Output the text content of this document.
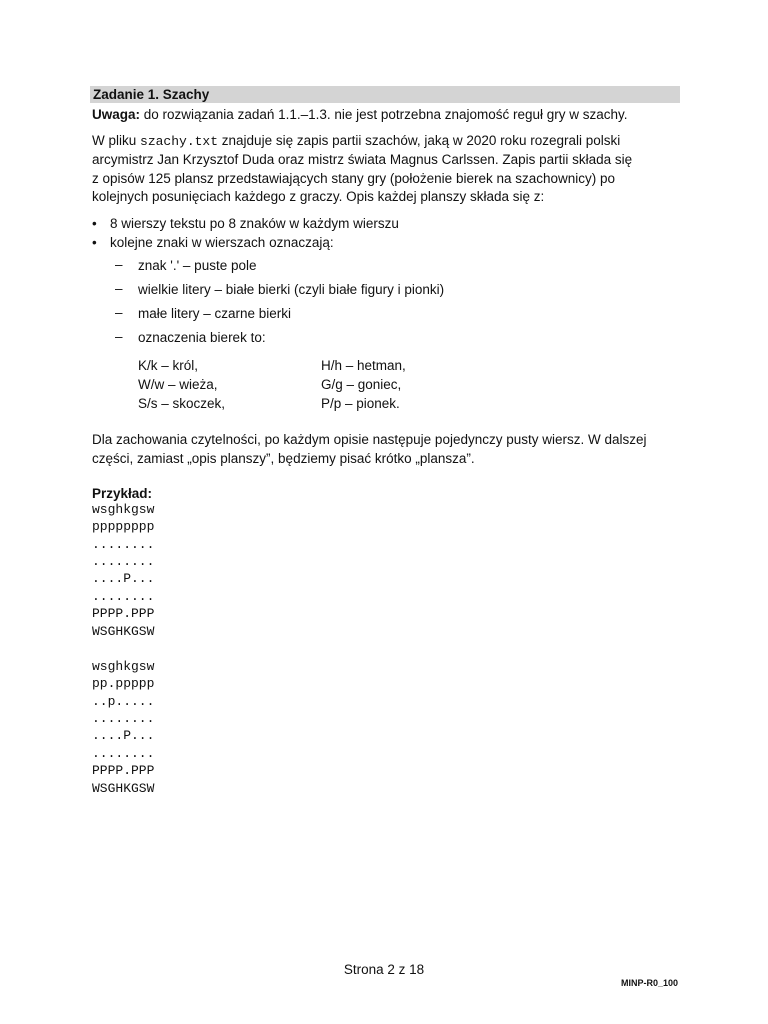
Zadanie 1. Szachy
Uwaga: do rozwiązania zadań 1.1.–1.3. nie jest potrzebna znajomość reguł gry w szachy.
W pliku szachy.txt znajduje się zapis partii szachów, jaką w 2020 roku rozegrali polski
arcymistrz Jan Krzysztof Duda oraz mistrz świata Magnus Carlssen. Zapis partii składa się
z opisów 125 plansz przedstawiających stany gry (położenie bierek na szachownicy) po
kolejnych posunięciach każdego z graczy. Opis każdej planszy składa się z:
• 8 wierszy tekstu po 8 znaków w każdym wierszu
• kolejne znaki w wierszach oznaczają:
– znak '.' – puste pole
– wielkie litery – białe bierki (czyli białe figury i pionki)
– małe litery – czarne bierki
– oznaczenia bierek to:
K/k – król,
W/w – wieża,
S/s – skoczek,
H/h – hetman,
G/g – goniec,
P/p – pionek.
Dla zachowania czytelności, po każdym opisie następuje pojedynczy pusty wiersz. W dalszej
części, zamiast „opis planszy”, będziemy pisać krótko „plansza”.
Przykład:
wsghkgsw
pppppppp
........
........
....P...
........
PPPP.PPP
WSGHKGSW
wsghkgsw
pp.ppppp
..p.....
........
....P...
........
PPPP.PPP
WSGHKGSW
Strona 2 z 18
MINP-R0_100
